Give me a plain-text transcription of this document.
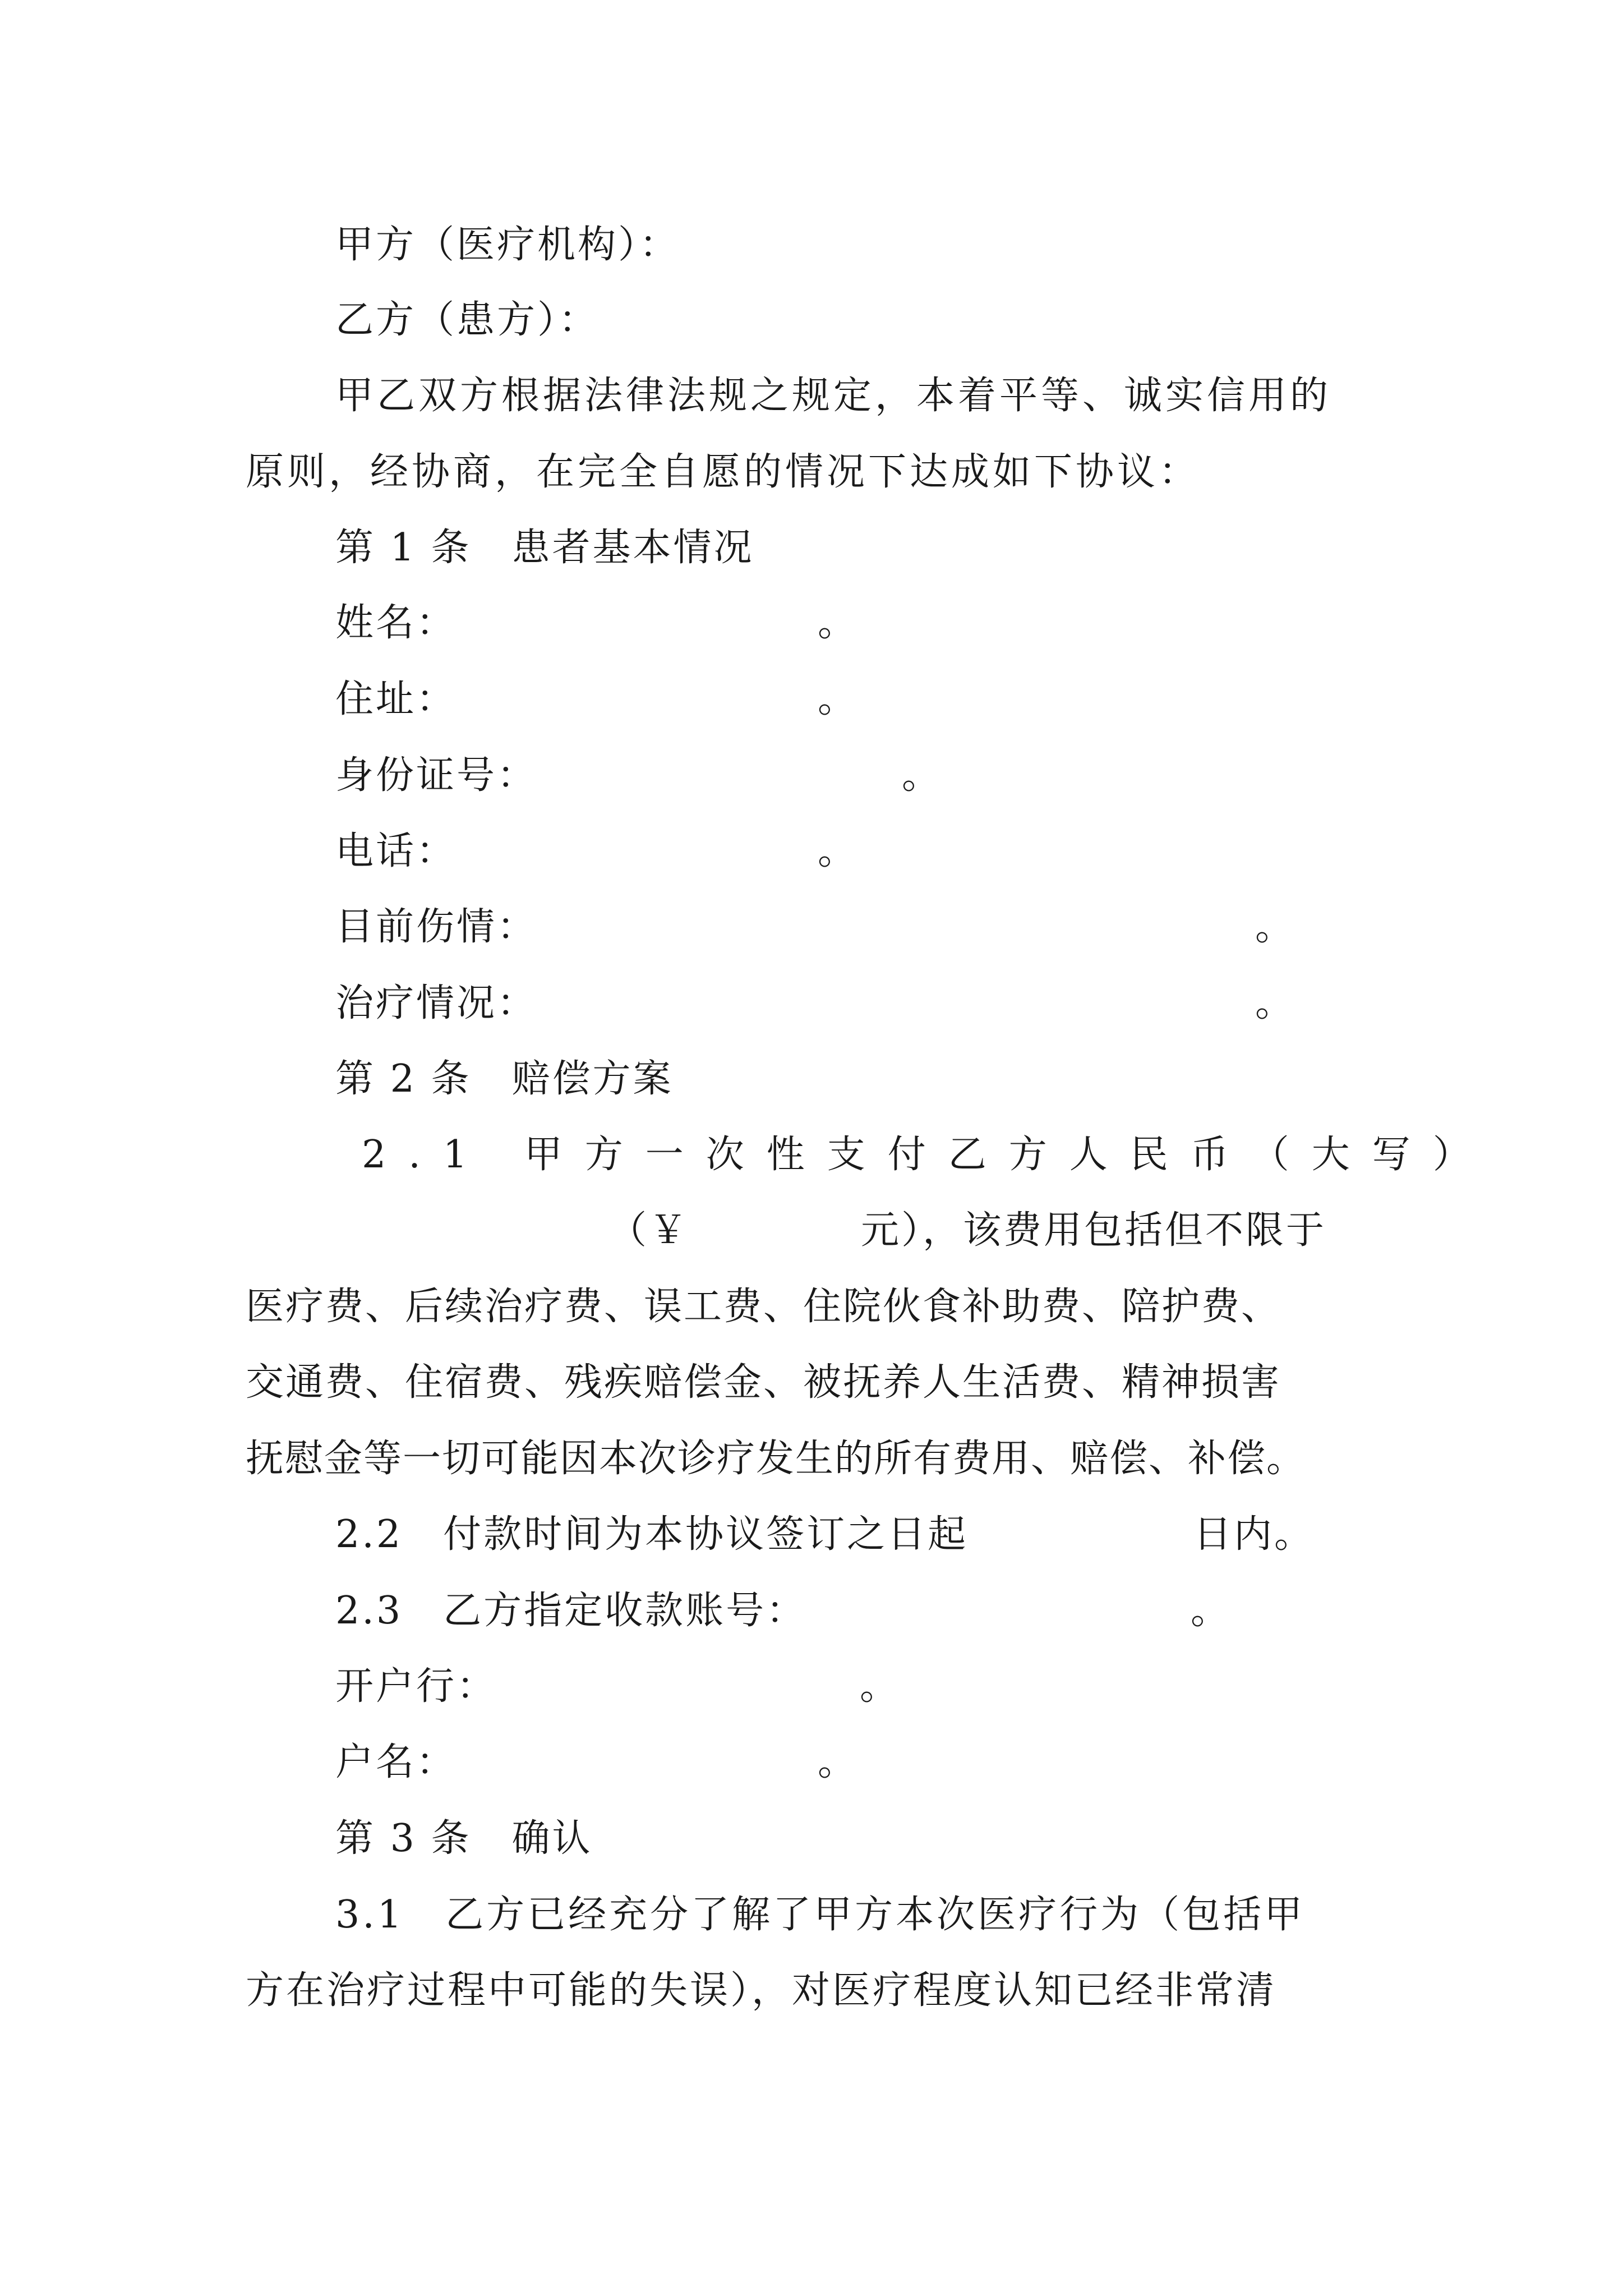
甲方（医疗机构）：
乙方（患方）：
甲乙双方根据法律法规之规定，本着平等、诚实信用的
原则，经协商，在完全自愿的情况下达成如下协议：
第 1 条　患者基本情况
姓名：	。
住址：	。
身份证号：	。
电话：	。
目前伤情：	。
治疗情况：	。
第 2 条　赔偿方案
2.1 甲方一次性支付乙方人民币（大写）
（￥	元），该费用包括但不限于
医疗费、后续治疗费、误工费、住院伙食补助费、陪护费、
交通费、住宿费、残疾赔偿金、被抚养人生活费、精神损害
抚慰金等一切可能因本次诊疗发生的所有费用、赔偿、补偿。
2.2　付款时间为本协议签订之日起	日内。
2.3　乙方指定收款账号：	。
开户行：	。
户名：	。
第 3 条　确认
3.1　乙方已经充分了解了甲方本次医疗行为（包括甲
方在治疗过程中可能的失误），对医疗程度认知已经非常清
